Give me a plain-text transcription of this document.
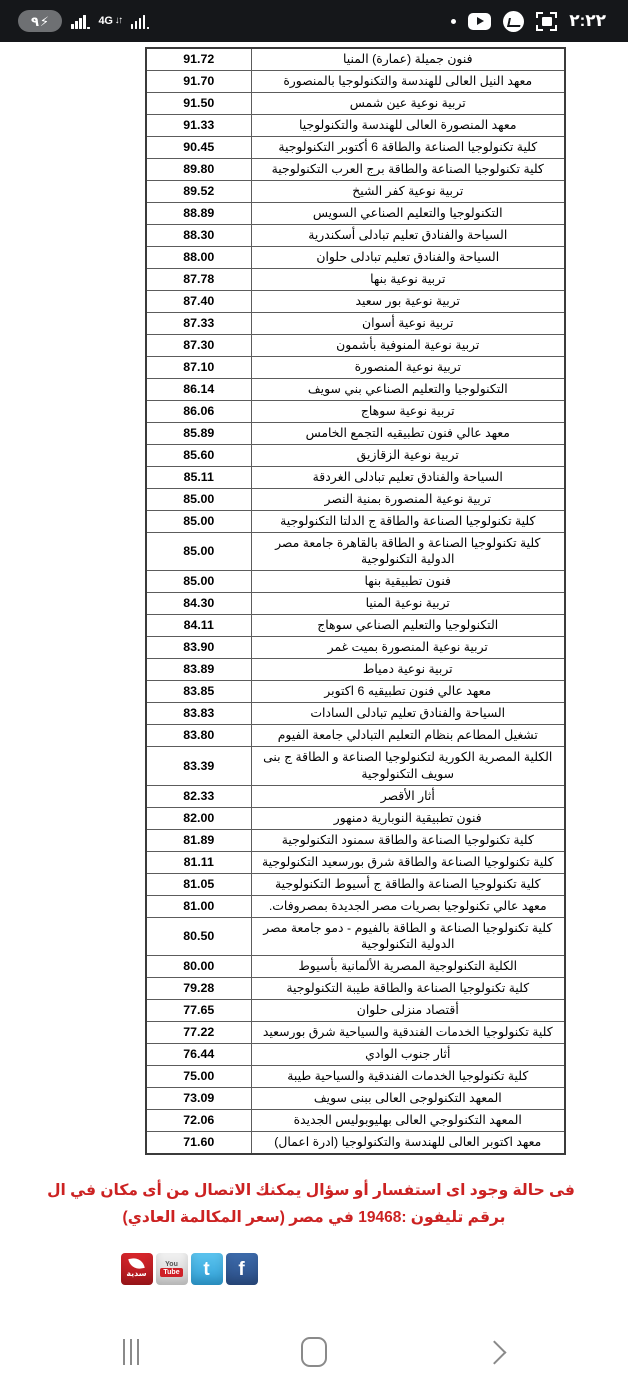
٩ ⚡	4G ↓↑	٢:٢٢
فنون جميلة (عمارة) المنيا	91.72
معهد النيل العالى للهندسة والتكنولوجيا بالمنصورة	91.70
تربية نوعية عين شمس	91.50
معهد المنصورة العالى للهندسة والتكنولوجيا	91.33
كلية تكنولوجيا الصناعة والطاقة 6 أكتوبر التكنولوجية	90.45
كلية تكنولوجيا الصناعة والطاقة برج العرب التكنولوجية	89.80
تربية نوعية كفر الشيخ	89.52
التكنولوجيا والتعليم الصناعي السويس	88.89
السياحة والفنادق تعليم تبادلى أسكندرية	88.30
السياحة والفنادق تعليم تبادلى حلوان	88.00
تربية نوعية بنها	87.78
تربية نوعية بور سعيد	87.40
تربية نوعية أسوان	87.33
تربية نوعية المنوفية بأشمون	87.30
تربية نوعية المنصورة	87.10
التكنولوجيا والتعليم الصناعي بني سويف	86.14
تربية نوعية سوهاج	86.06
معهد عالي فنون تطبيقيه التجمع الخامس	85.89
تربية نوعية الزقازيق	85.60
السياحة والفنادق تعليم تبادلى الغردقة	85.11
تربية نوعية المنصورة بمنية النصر	85.00
كلية تكنولوجيا الصناعة والطاقة ج الدلتا التكنولوجية	85.00
كلية تكنولوجيا الصناعة و الطاقة بالقاهرة جامعة مصر الدولية التكنولوجية	85.00
فنون تطبيقية بنها	85.00
تربية نوعية المنيا	84.30
التكنولوجيا والتعليم الصناعي سوهاج	84.11
تربية نوعية المنصورة بميت غمر	83.90
تربية نوعية دمياط	83.89
معهد عالي فنون تطبيقيه 6 اكتوبر	83.85
السياحة والفنادق تعليم تبادلى السادات	83.83
تشغيل المطاعم بنظام التعليم التبادلي جامعة الفيوم	83.80
الكلية المصرية الكورية لتكنولوجيا الصناعة و الطاقة ج بنى سويف التكنولوجية	83.39
أثار الأقصر	82.33
فنون تطبيقية النوبارية دمنهور	82.00
كلية تكنولوجيا الصناعة والطاقة سمنود التكنولوجية	81.89
كلية تكنولوجيا الصناعة والطاقة شرق بورسعيد التكنولوجية	81.11
كلية تكنولوجيا الصناعة والطاقة ج أسيوط التكنولوجية	81.05
معهد عالي تكنولوجيا بصريات مصر الجديدة بمصروفات.	81.00
كلية تكنولوجيا الصناعة و الطاقة بالفيوم - دمو جامعة مصر الدولية التكنولوجية	80.50
الكلية التكنولوجية المصرية الألمانية بأسيوط	80.00
كلية تكنولوجيا الصناعة والطاقة طيبة التكنولوجية	79.28
أقتصاد منزلى حلوان	77.65
كلية تكنولوجيا الخدمات الفندقية والسياحية شرق بورسعيد	77.22
أثار جنوب الوادي	76.44
كلية تكنولوجيا الخدمات الفندقية والسياحية طيبة	75.00
المعهد التكنولوجى العالى ببنى سويف	73.09
المعهد التكنولوجي العالى بهليوبوليس الجديدة	72.06
معهد اكتوبر العالى للهندسة والتكنولوجيا (ادرة اعمال)	71.60
فى حالة وجود اى استفسار أو سؤال يمكنك الاتصال من أى مكان في ال
برقم تليفون :19468 في مصر (سعر المكالمة العادي)
سدية
You
Tube t f
